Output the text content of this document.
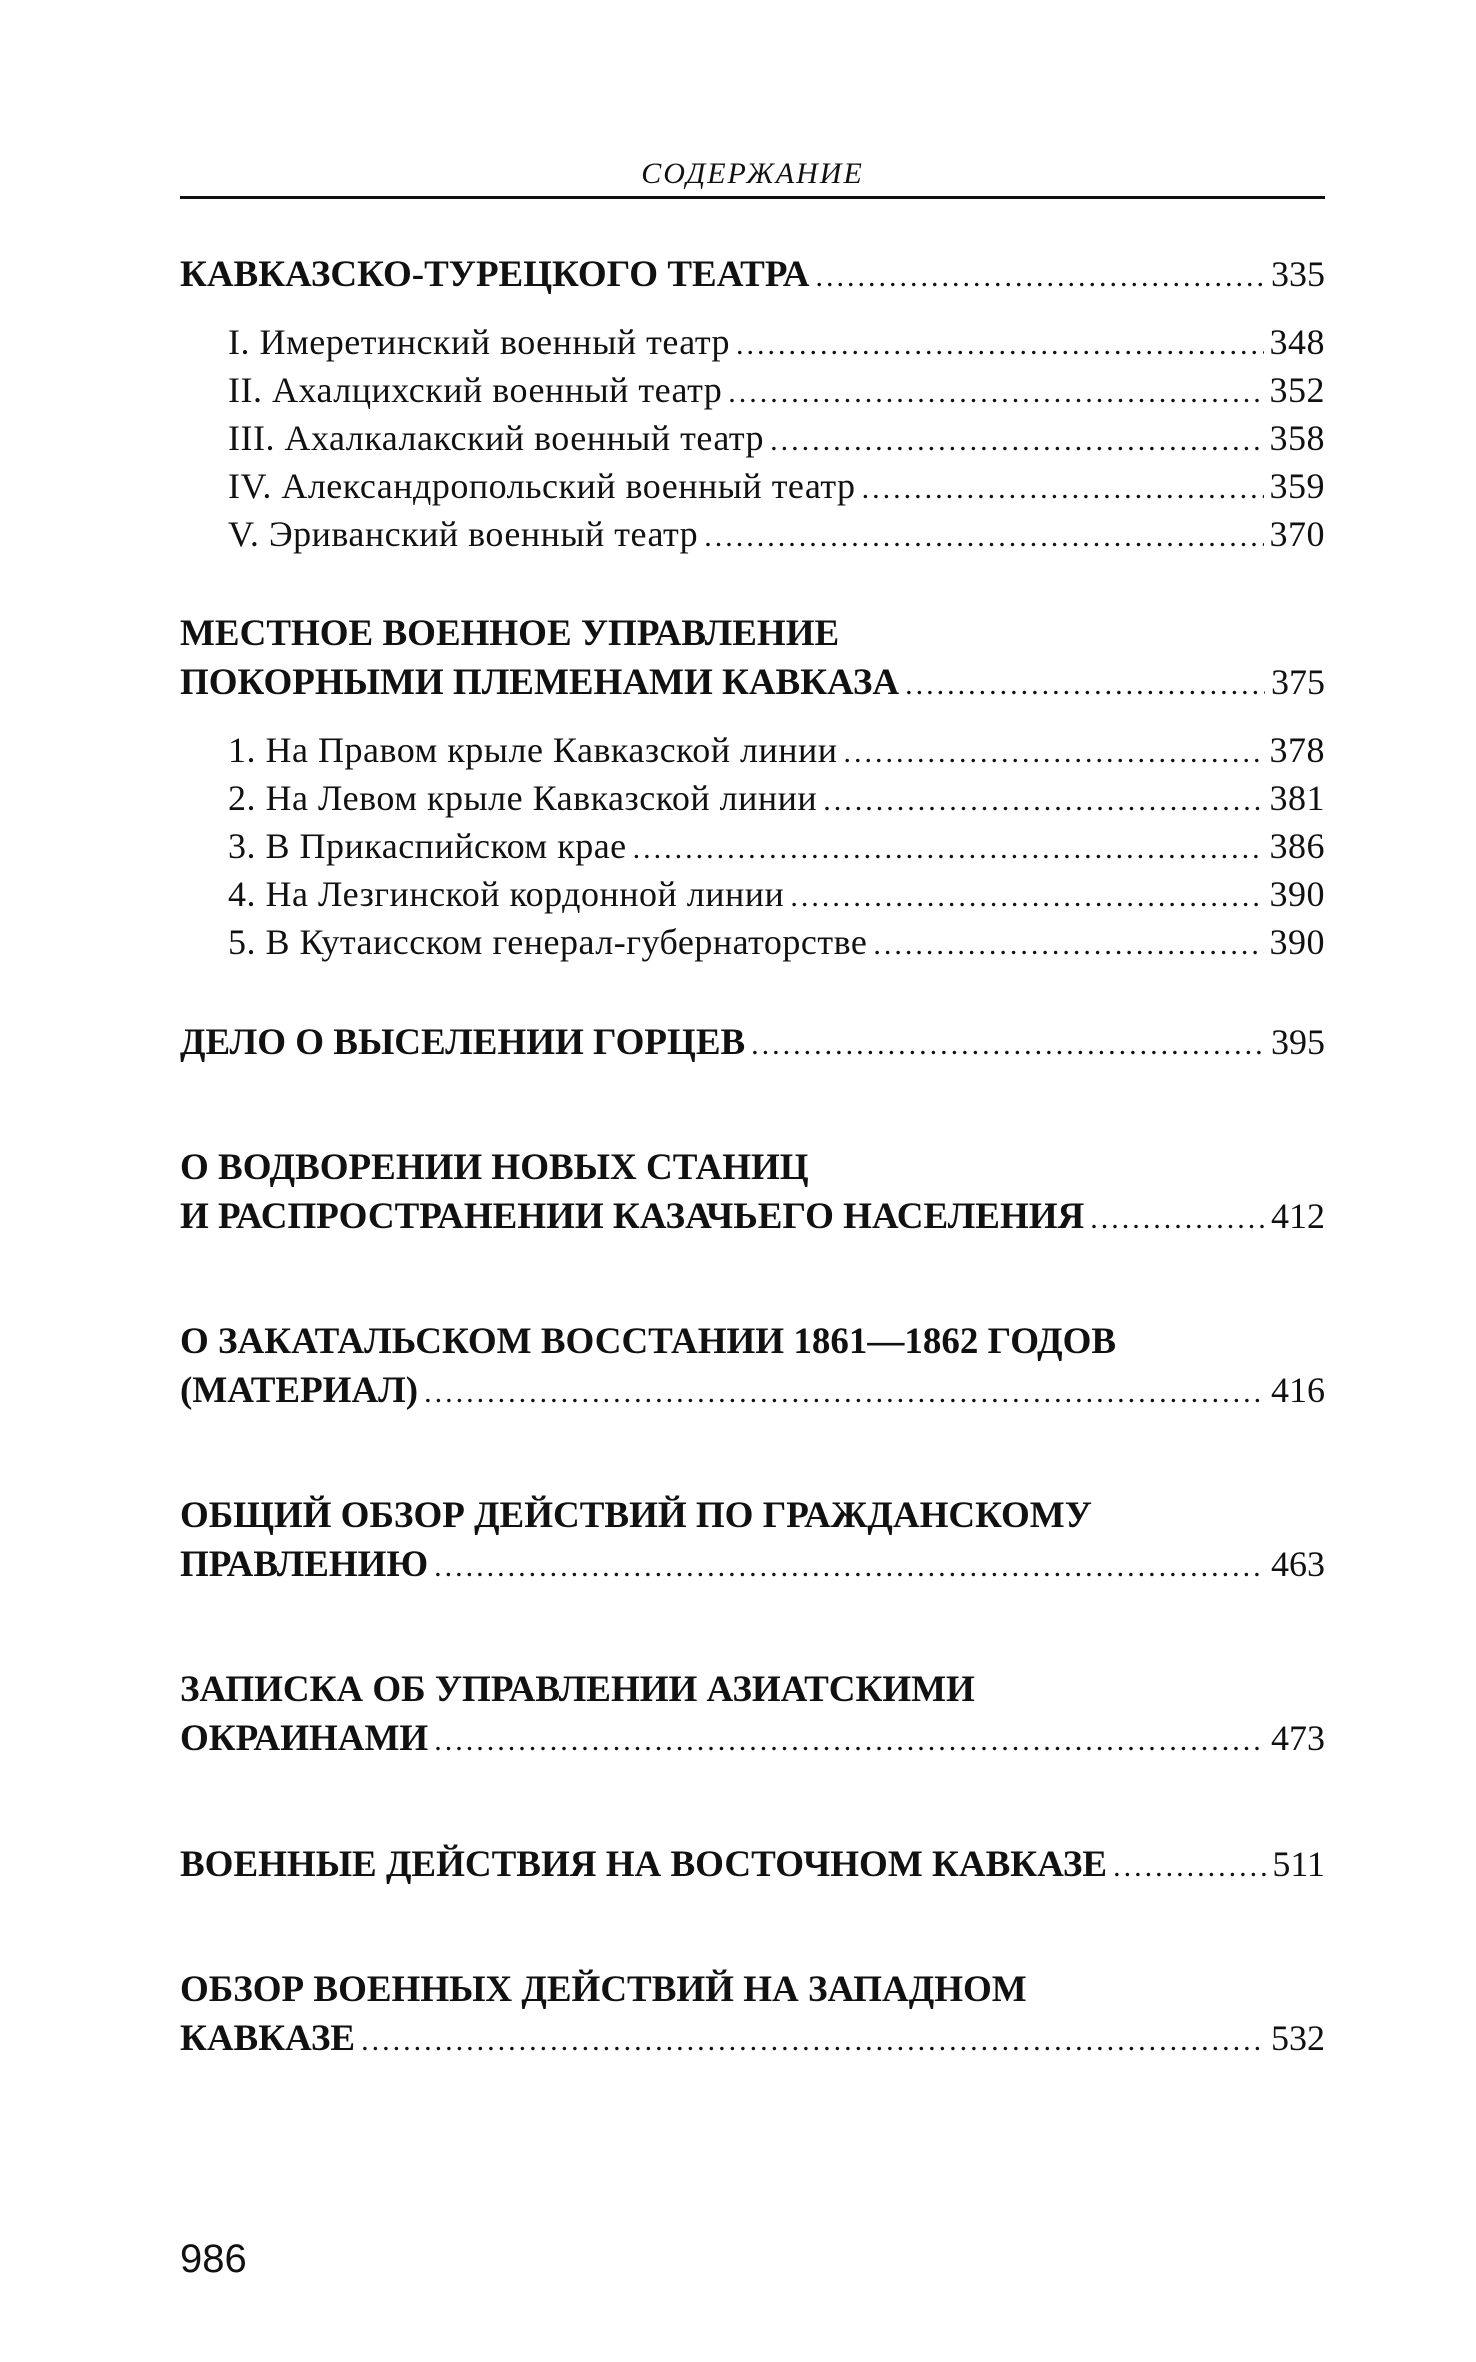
СОДЕРЖАНИЕ
КАВКАЗСКО-ТУРЕЦКОГО ТЕАТРА .....	335
I. Имеретинский военный театр .....	348
II. Ахалцихский военный театр .....	352
III. Ахалкалакский военный театр .....	358
IV. Александропольский военный театр .....	359
V. Эриванский военный театр .....	370
МЕСТНОЕ ВОЕННОЕ УПРАВЛЕНИЕ
ПОКОРНЫМИ ПЛЕМЕНАМИ КАВКАЗА .....	375
1. На Правом крыле Кавказской линии .....	378
2. На Левом крыле Кавказской линии .....	381
3. В Прикаспийском крае .....	386
4. На Лезгинской кордонной линии .....	390
5. В Кутаисском генерал-губернаторстве .....	390
ДЕЛО О ВЫСЕЛЕНИИ ГОРЦЕВ .....	395
О ВОДВОРЕНИИ НОВЫХ СТАНИЦ
И РАСПРОСТРАНЕНИИ КАЗАЧЬЕГО НАСЕЛЕНИЯ .....	412
О ЗАКАТАЛЬСКОМ ВОССТАНИИ 1861—1862 ГОДОВ
(МАТЕРИАЛ) .....	416
ОБЩИЙ ОБЗОР ДЕЙСТВИЙ ПО ГРАЖДАНСКОМУ
ПРАВЛЕНИЮ .....	463
ЗАПИСКА ОБ УПРАВЛЕНИИ АЗИАТСКИМИ
ОКРАИНАМИ .....	473
ВОЕННЫЕ ДЕЙСТВИЯ НА ВОСТОЧНОМ КАВКАЗЕ .....	511
ОБЗОР ВОЕННЫХ ДЕЙСТВИЙ НА ЗАПАДНОМ
КАВКАЗЕ .....	532
986
